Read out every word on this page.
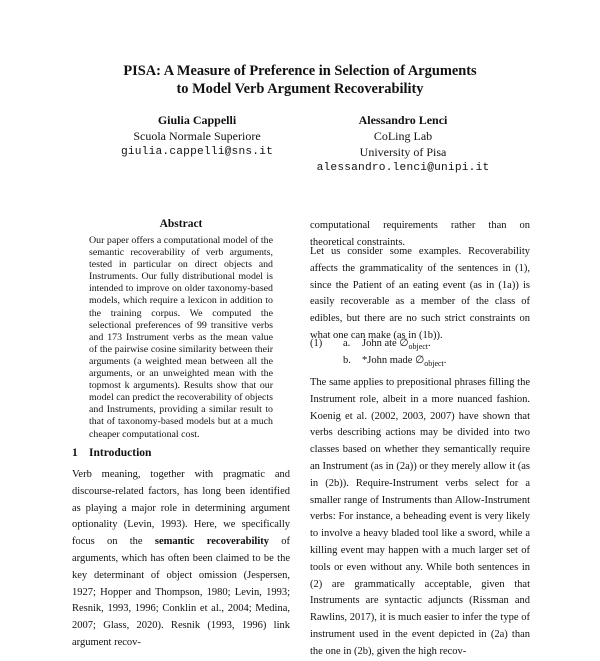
PISA: A Measure of Preference in Selection of Arguments
to Model Verb Argument Recoverability
Giulia Cappelli
Scuola Normale Superiore
giulia.cappelli@sns.it
Alessandro Lenci
CoLing Lab
University of Pisa
alessandro.lenci@unipi.it
Abstract
Our paper offers a computational model of the semantic recoverability of verb arguments, tested in particular on direct objects and Instruments. Our fully distributional model is intended to improve on older taxonomy-based models, which require a lexicon in addition to the training corpus. We computed the selectional preferences of 99 transitive verbs and 173 Instrument verbs as the mean value of the pairwise cosine similarity between their arguments (a weighted mean between all the arguments, or an unweighted mean with the topmost k arguments). Results show that our model can predict the recoverability of objects and Instruments, providing a similar result to that of taxonomy-based models but at a much cheaper computational cost.
1 Introduction
Verb meaning, together with pragmatic and discourse-related factors, has long been identified as playing a major role in determining argument optionality (Levin, 1993). Here, we specifically focus on the semantic recoverability of arguments, which has often been claimed to be the key determinant of object omission (Jespersen, 1927; Hopper and Thompson, 1980; Levin, 1993; Resnik, 1993, 1996; Conklin et al., 2004; Medina, 2007; Glass, 2020). Resnik (1993, 1996) link argument recov-

computational requirements rather than on theoretical constraints.

Let us consider some examples. Recoverability affects the grammaticality of the sentences in (1), since the Patient of an eating event (as in (1a)) is easily recoverable as a member of the class of edibles, but there are no such strict constraints on what one can make (as in (1b)).

(1) a. John ate $\emptyset_{object}$.
b. *John made $\emptyset_{object}$.

The same applies to prepositional phrases filling the Instrument role, albeit in a more nuanced fashion. Koenig et al. (2002, 2003, 2007) have shown that verbs describing actions may be divided into two classes based on whether they semantically require an Instrument (as in (2a)) or they merely allow it (as in (2b)). Require-Instrument verbs select for a smaller range of Instruments than Allow-Instrument verbs: For instance, a beheading event is very likely to involve a heavy bladed tool like a sword, while a killing event may happen with a much larger set of tools or even without any. While both sentences in (2) are grammatically acceptable, given that Instruments are syntactic adjuncts (Rissman and Rawlins, 2017), it is much easier to infer the type of instrument used in the event depicted in (2a) than the one in (2b), given the high recov-
